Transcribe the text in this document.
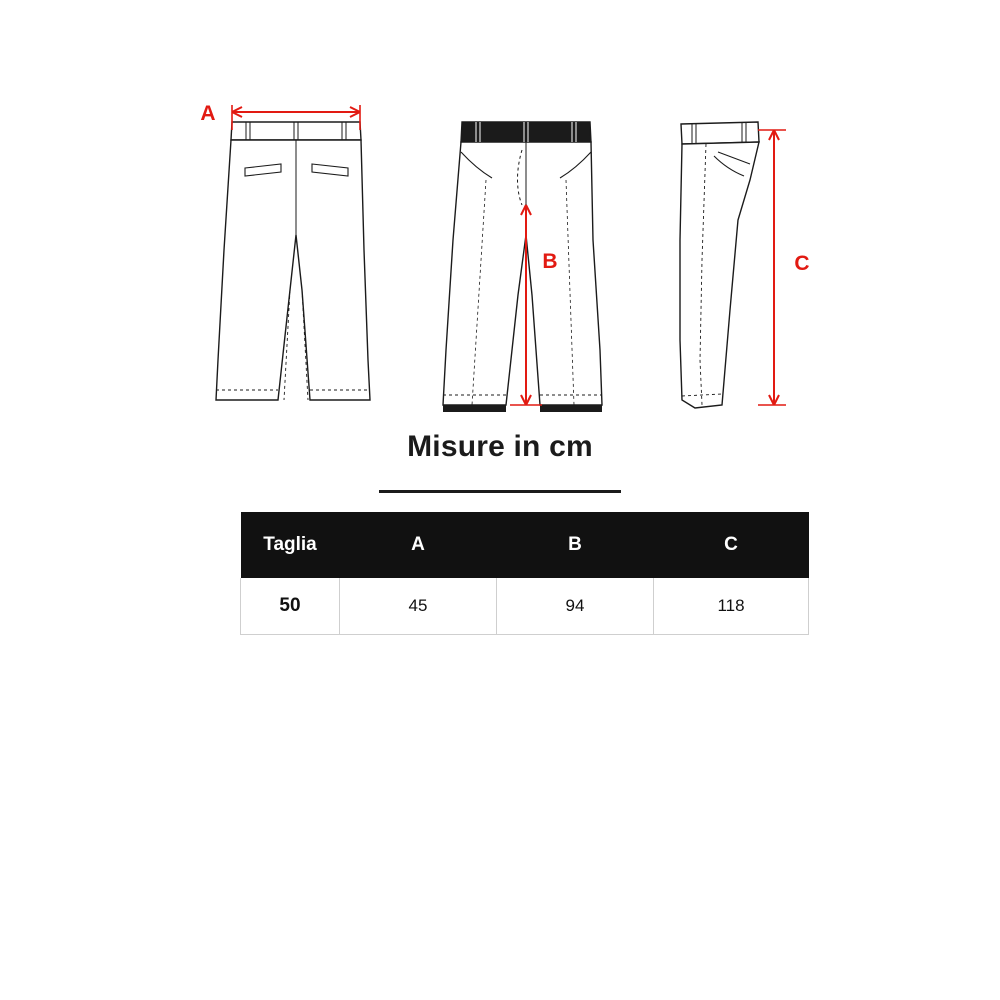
A
B	C
Misure in cm
Taglia	A	B	C
50	45	94	118
